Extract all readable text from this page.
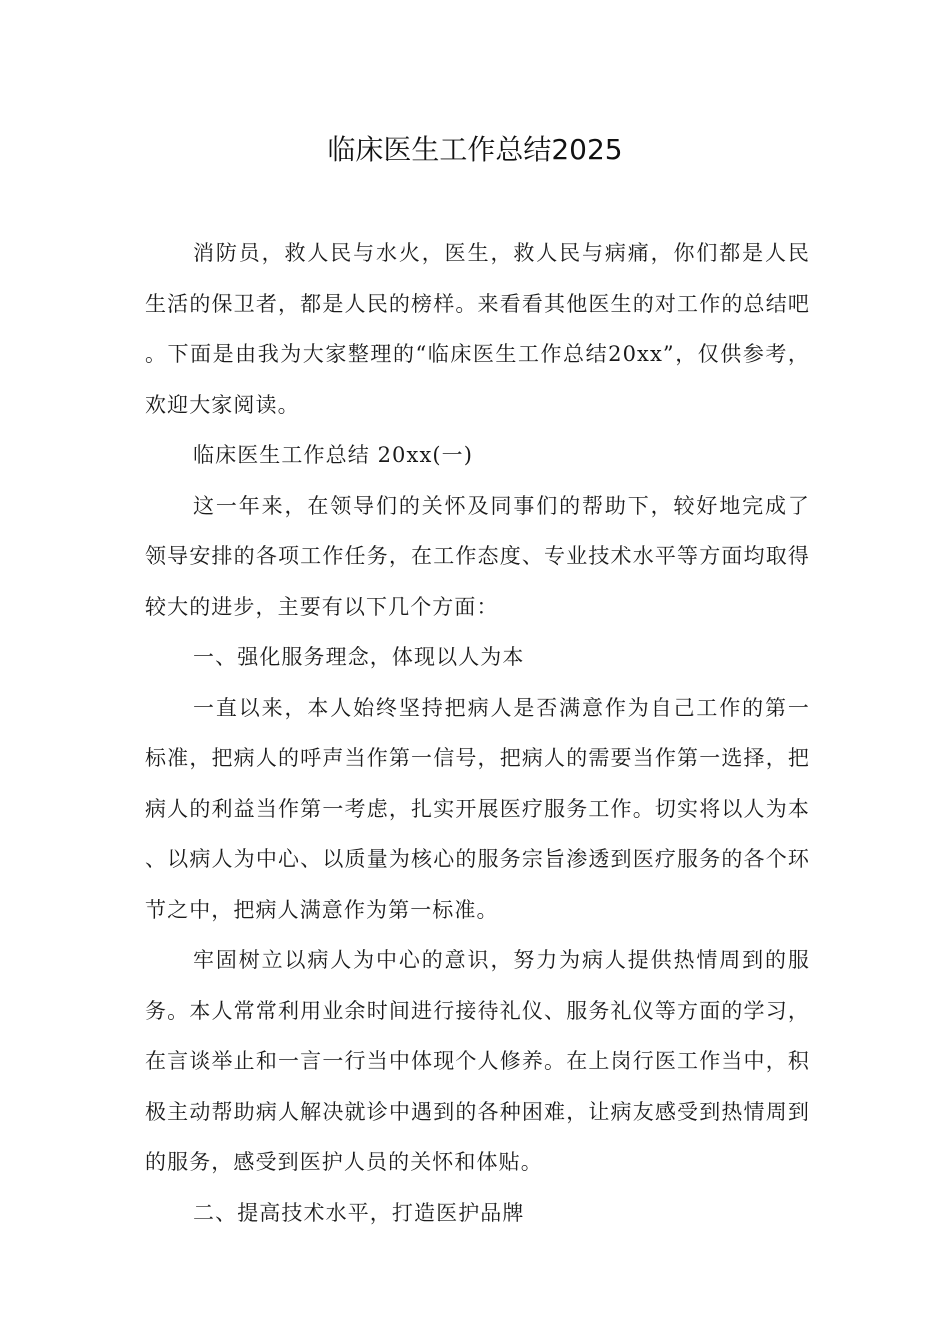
临床医生工作总结2025

消防员，救人民与水火，医生，救人民与病痛，你们都是人民生活的保卫者，都是人民的榜样。来看看其他医生的对工作的总结吧。下面是由我为大家整理的“临床医生工作总结20xx”，仅供参考，欢迎大家阅读。

临床医生工作总结 20xx(一)

这一年来，在领导们的关怀及同事们的帮助下，较好地完成了领导安排的各项工作任务，在工作态度、专业技术水平等方面均取得较大的进步，主要有以下几个方面：

一、强化服务理念，体现以人为本

一直以来，本人始终坚持把病人是否满意作为自己工作的第一标准，把病人的呼声当作第一信号，把病人的需要当作第一选择，把病人的利益当作第一考虑，扎实开展医疗服务工作。切实将以人为本、以病人为中心、以质量为核心的服务宗旨渗透到医疗服务的各个环节之中，把病人满意作为第一标准。

牢固树立以病人为中心的意识，努力为病人提供热情周到的服务。本人常常利用业余时间进行接待礼仪、服务礼仪等方面的学习，在言谈举止和一言一行当中体现个人修养。在上岗行医工作当中，积极主动帮助病人解决就诊中遇到的各种困难，让病友感受到热情周到的服务，感受到医护人员的关怀和体贴。

二、提高技术水平，打造医护品牌
